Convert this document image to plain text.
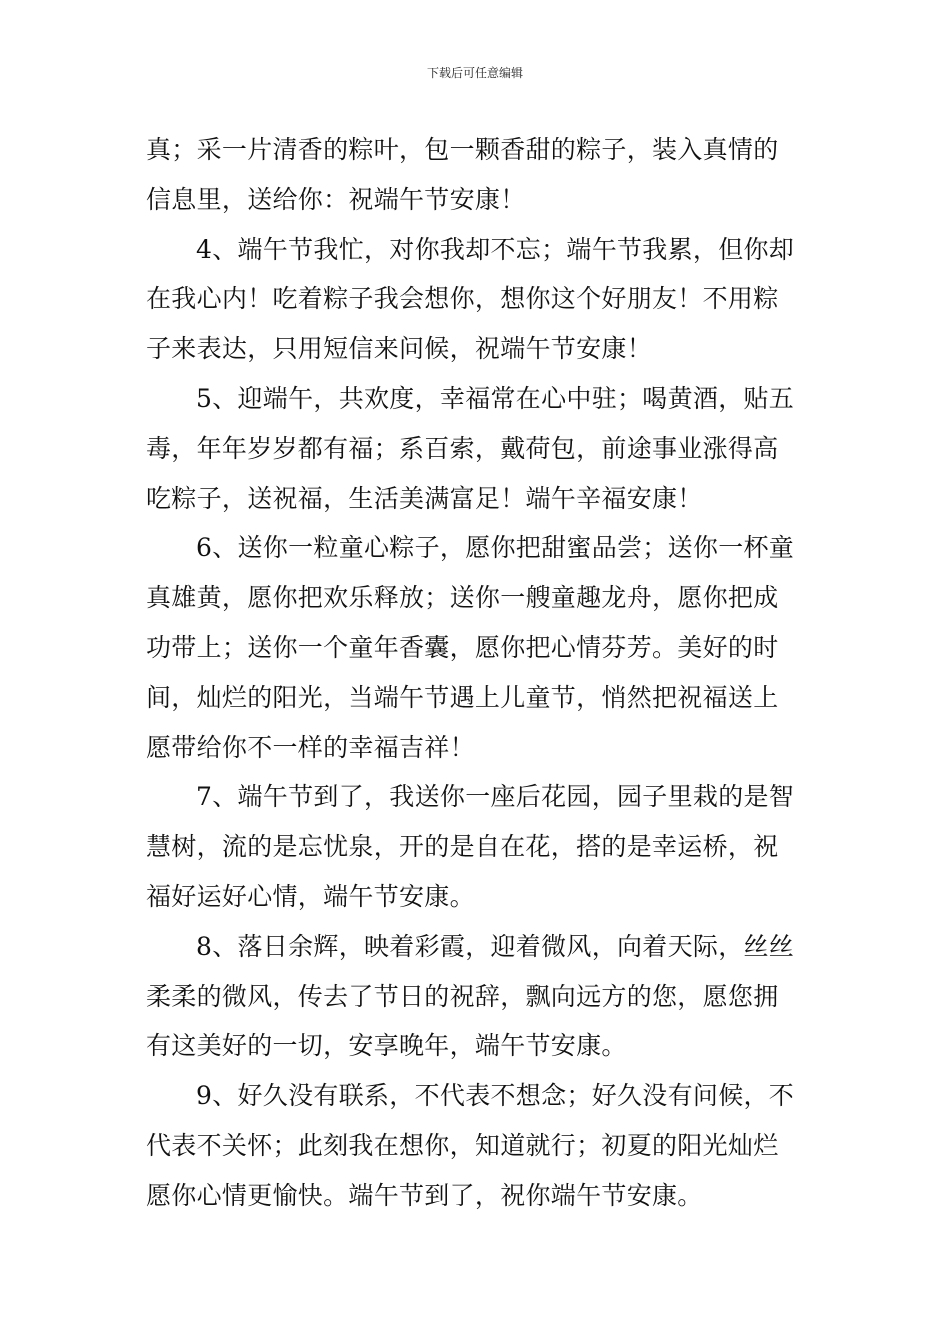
下载后可任意编辑
真；采一片清香的粽叶，包一颗香甜的粽子，装入真情的
信息里，送给你：祝端午节安康！
4、端午节我忙，对你我却不忘；端午节我累，但你却
在我心内！吃着粽子我会想你，想你这个好朋友！不用粽
子来表达，只用短信来问候，祝端午节安康！
5、迎端午，共欢度，幸福常在心中驻；喝黄酒，贴五
毒，年年岁岁都有福；系百索，戴荷包，前途事业涨得高
吃粽子，送祝福，生活美满富足！端午辛福安康！
6、送你一粒童心粽子，愿你把甜蜜品尝；送你一杯童
真雄黄，愿你把欢乐释放；送你一艘童趣龙舟，愿你把成
功带上；送你一个童年香囊，愿你把心情芬芳。美好的时
间，灿烂的阳光，当端午节遇上儿童节，悄然把祝福送上
愿带给你不一样的幸福吉祥！
7、端午节到了，我送你一座后花园，园子里栽的是智
慧树，流的是忘忧泉，开的是自在花，搭的是幸运桥，祝
福好运好心情，端午节安康。
8、落日余辉，映着彩霞，迎着微风，向着天际，丝丝
柔柔的微风，传去了节日的祝辞，飘向远方的您，愿您拥
有这美好的一切，安享晚年，端午节安康。
9、好久没有联系，不代表不想念；好久没有问候，不
代表不关怀；此刻我在想你，知道就行；初夏的阳光灿烂
愿你心情更愉快。端午节到了，祝你端午节安康。
